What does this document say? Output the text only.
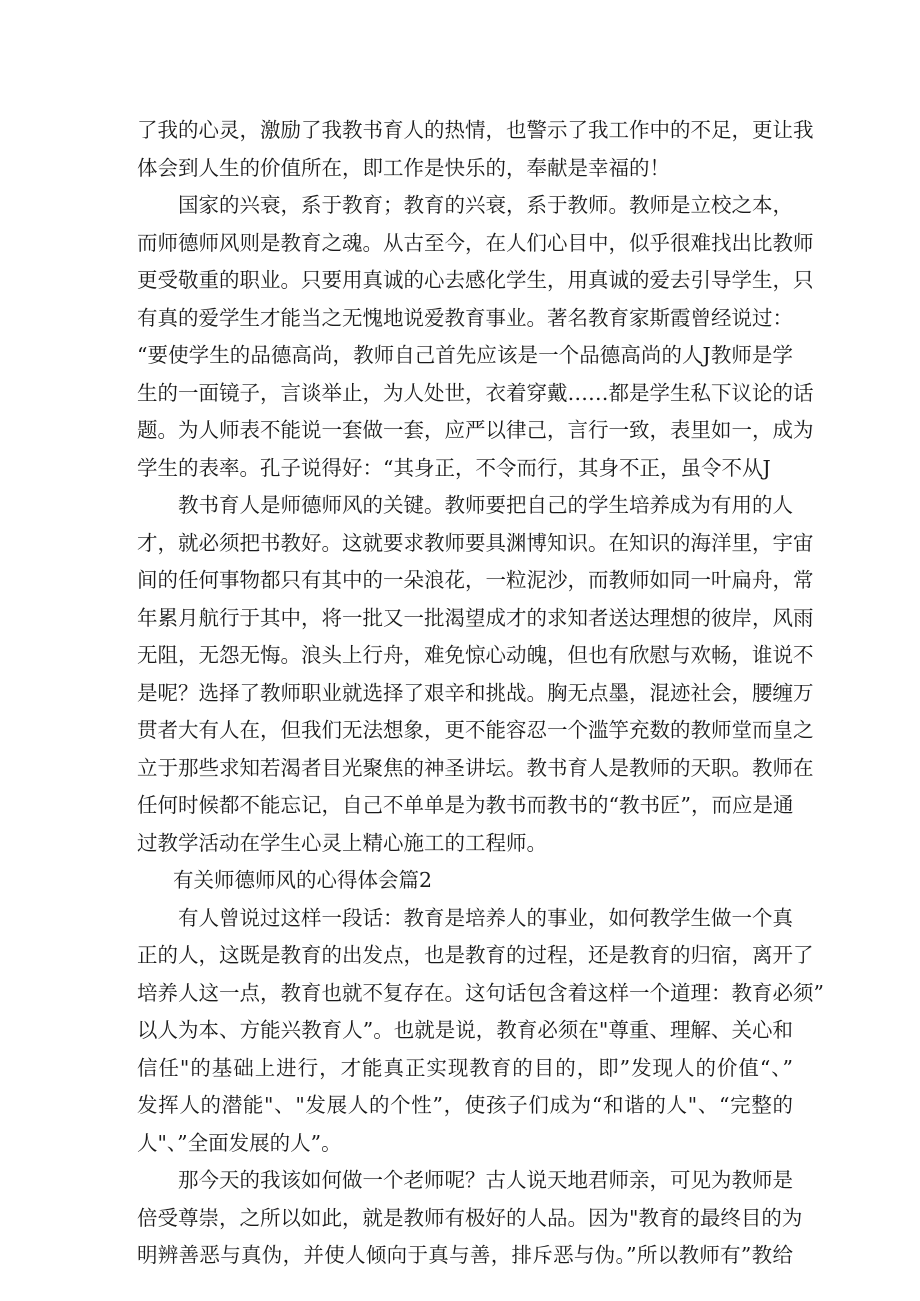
了我的心灵，激励了我教书育人的热情，也警示了我工作中的不足，更让我
体会到人生的价值所在，即工作是快乐的，奉献是幸福的！
国家的兴衰，系于教育；教育的兴衰，系于教师。教师是立校之本，
而师德师风则是教育之魂。从古至今，在人们心目中，似乎很难找出比教师
更受敬重的职业。只要用真诚的心去感化学生，用真诚的爱去引导学生，只
有真的爱学生才能当之无愧地说爱教育事业。著名教育家斯霞曾经说过：
“要使学生的品德高尚，教师自己首先应该是一个品德高尚的人J教师是学
生的一面镜子，言谈举止，为人处世，衣着穿戴……都是学生私下议论的话
题。为人师表不能说一套做一套，应严以律己，言行一致，表里如一，成为
学生的表率。孔子说得好：“其身正，不令而行，其身不正，虽令不从J
教书育人是师德师风的关键。教师要把自己的学生培养成为有用的人
才，就必须把书教好。这就要求教师要具渊博知识。在知识的海洋里，宇宙
间的任何事物都只有其中的一朵浪花，一粒泥沙，而教师如同一叶扁舟，常
年累月航行于其中，将一批又一批渴望成才的求知者送达理想的彼岸，风雨
无阻，无怨无悔。浪头上行舟，难免惊心动魄，但也有欣慰与欢畅，谁说不
是呢？选择了教师职业就选择了艰辛和挑战。胸无点墨，混迹社会，腰缠万
贯者大有人在，但我们无法想象，更不能容忍一个滥竽充数的教师堂而皇之
立于那些求知若渴者目光聚焦的神圣讲坛。教书育人是教师的天职。教师在
任何时候都不能忘记，自己不单单是为教书而教书的“教书匠”，而应是通
过教学活动在学生心灵上精心施工的工程师。
有关师德师风的心得体会篇2
有人曾说过这样一段话：教育是培养人的事业，如何教学生做一个真
正的人，这既是教育的出发点，也是教育的过程，还是教育的归宿，离开了
培养人这一点，教育也就不复存在。这句话包含着这样一个道理：教育必须”
以人为本、方能兴教育人”。也就是说，教育必须在"尊重、理解、关心和
信任"的基础上进行，才能真正实现教育的目的，即”发现人的价值“、”
发挥人的潜能"、"发展人的个性”，使孩子们成为“和谐的人"、“完整的
人"、”全面发展的人”。
那今天的我该如何做一个老师呢？古人说天地君师亲，可见为教师是
倍受尊崇，之所以如此，就是教师有极好的人品。因为"教育的最终目的为
明辨善恶与真伪，并使人倾向于真与善，排斥恶与伪。”所以教师有”教给
